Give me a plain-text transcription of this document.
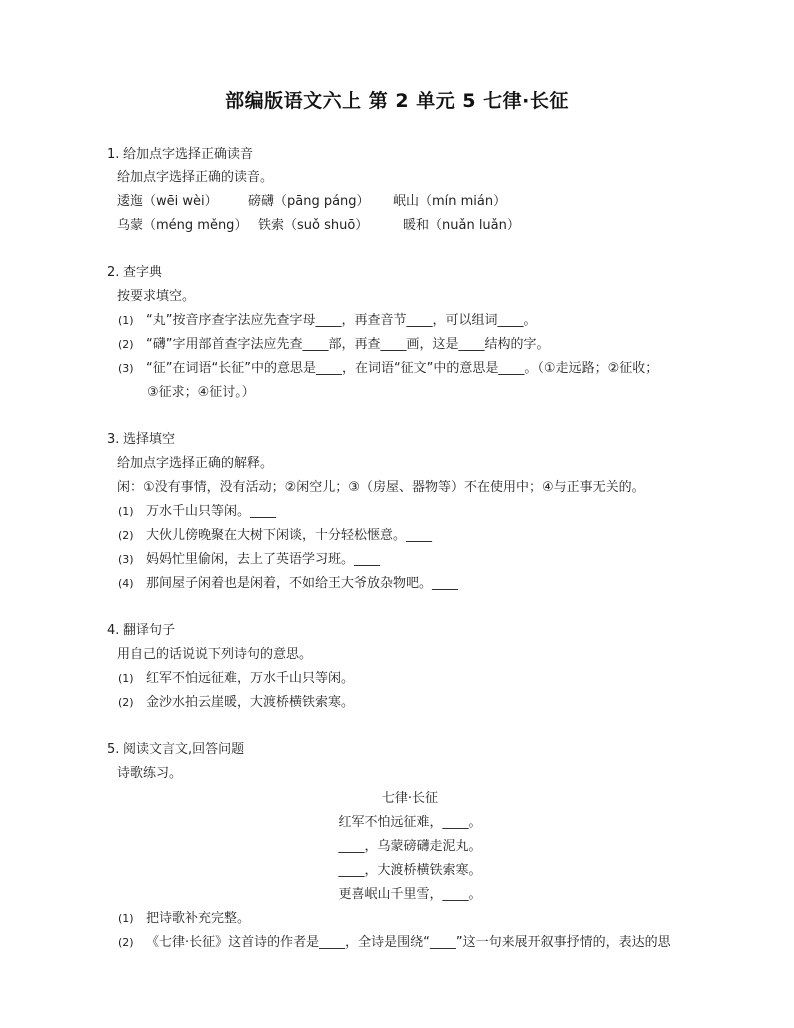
部编版语文六上 第 2 单元 5 七律·长征
1. 给加点字选择正确读音
给加点字选择正确的读音。
逶迤（wēi wèi） 磅礴（pāng páng） 岷山（mín mián）
乌蒙（méng měng） 铁索（suǒ shuō）	暖和（nuǎn luǎn）
2. 查字典
按要求填空。
(1) “丸”按音序查字法应先查字母____，再查音节____，可以组词____。
(2) “礴”字用部首查字法应先查____部，再查____画，这是____结构的字。
(3) “征”在词语“长征”中的意思是____，在词语“征文”中的意思是____。（①走远路；②征收；
③征求；④征讨。）
3. 选择填空
给加点字选择正确的解释。
闲：①没有事情，没有活动；②闲空儿；③（房屋、器物等）不在使用中；④与正事无关的。
(1) 万水千山只等闲。____
(2) 大伙儿傍晚聚在大树下闲谈，十分轻松惬意。____
(3) 妈妈忙里偷闲，去上了英语学习班。____
(4) 那间屋子闲着也是闲着，不如给王大爷放杂物吧。____
4. 翻译句子
用自己的话说说下列诗句的意思。
(1) 红军不怕远征难，万水千山只等闲。
(2) 金沙水拍云崖暖，大渡桥横铁索寒。
5. 阅读文言文,回答问题
诗歌练习。
七律·长征
红军不怕远征难，____。
____，乌蒙磅礴走泥丸。
____，大渡桥横铁索寒。
更喜岷山千里雪，____。
(1) 把诗歌补充完整。
(2) 《七律·长征》这首诗的作者是____，全诗是围绕“____”这一句来展开叙事抒情的，表达的思
